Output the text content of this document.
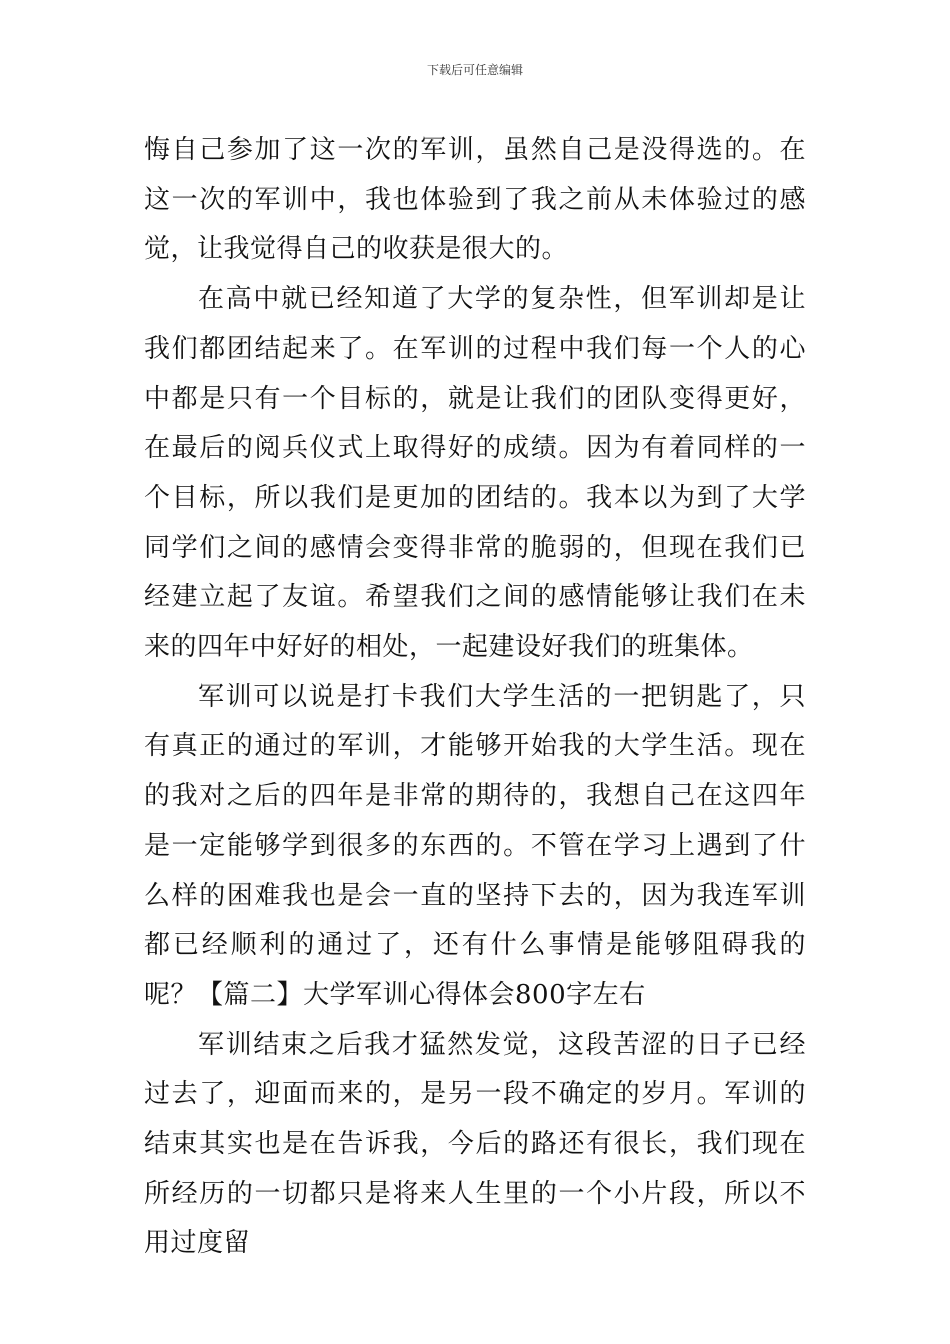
下载后可任意编辑

悔自己参加了这一次的军训，虽然自己是没得选的。在这一次的军训中，我也体验到了我之前从未体验过的感觉，让我觉得自己的收获是很大的。

在高中就已经知道了大学的复杂性，但军训却是让我们都团结起来了。在军训的过程中我们每一个人的心中都是只有一个目标的，就是让我们的团队变得更好，在最后的阅兵仪式上取得好的成绩。因为有着同样的一个目标，所以我们是更加的团结的。我本以为到了大学同学们之间的感情会变得非常的脆弱的，但现在我们已经建立起了友谊。希望我们之间的感情能够让我们在未来的四年中好好的相处，一起建设好我们的班集体。

军训可以说是打卡我们大学生活的一把钥匙了，只有真正的通过的军训，才能够开始我的大学生活。现在的我对之后的四年是非常的期待的，我想自己在这四年是一定能够学到很多的东西的。不管在学习上遇到了什么样的困难我也是会一直的坚持下去的，因为我连军训都已经顺利的通过了，还有什么事情是能够阻碍我的呢？【篇二】大学军训心得体会800字左右

军训结束之后我才猛然发觉，这段苦涩的日子已经过去了，迎面而来的，是另一段不确定的岁月。军训的结束其实也是在告诉我，今后的路还有很长，我们现在所经历的一切都只是将来人生里的一个小片段，所以不用过度留
